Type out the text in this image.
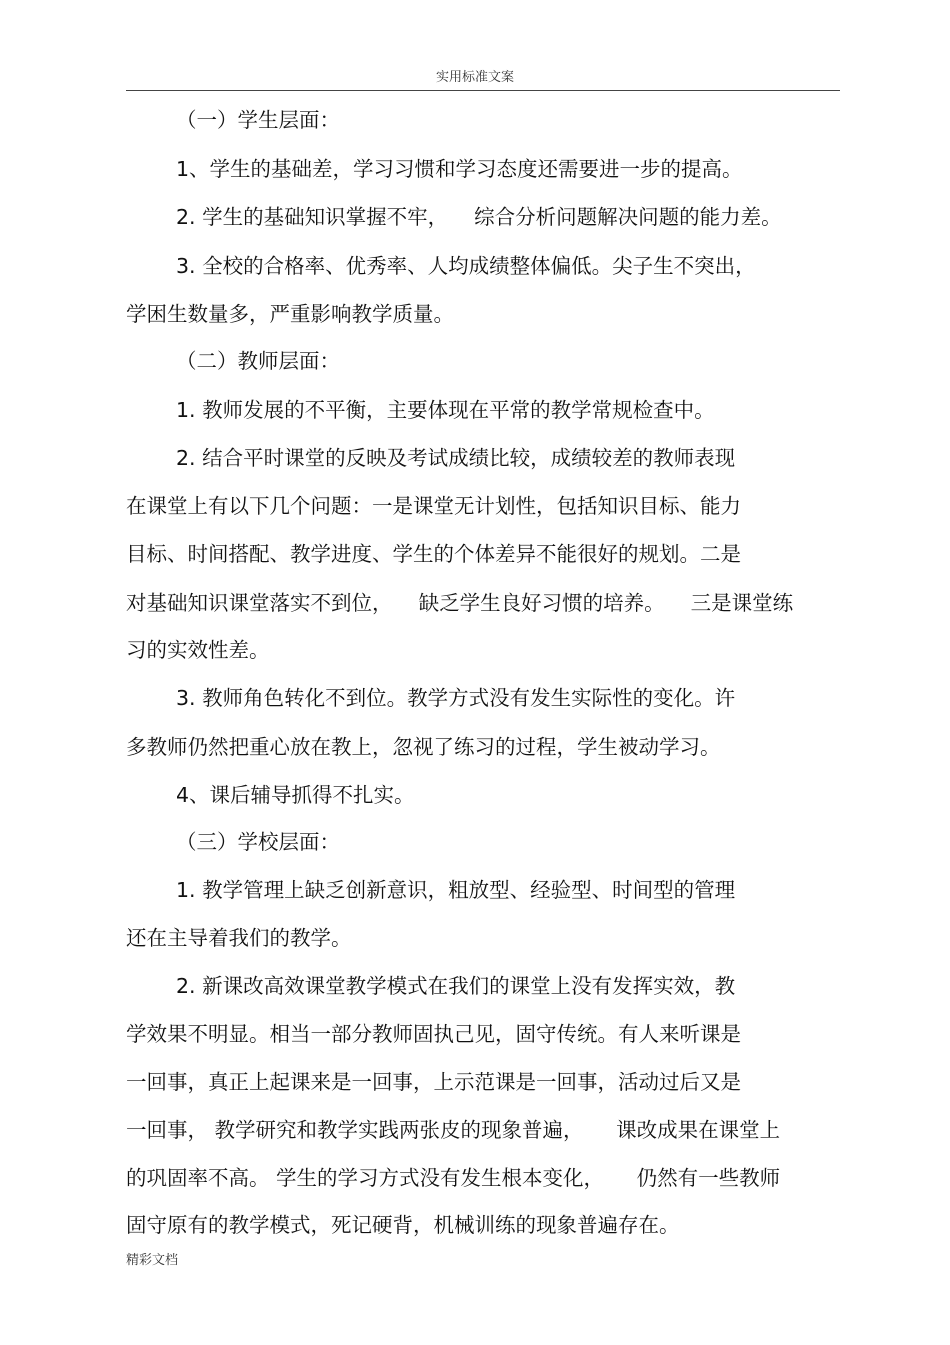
实用标准文案
（一）学生层面：
1、学生的基础差，学习习惯和学习态度还需要进一步的提高。
2. 学生的基础知识掌握不牢，    综合分析问题解决问题的能力差。
3. 全校的合格率、优秀率、人均成绩整体偏低。尖子生不突出，
学困生数量多，严重影响教学质量。
（二）教师层面：
1. 教师发展的不平衡，主要体现在平常的教学常规检查中。
2. 结合平时课堂的反映及考试成绩比较，成绩较差的教师表现
在课堂上有以下几个问题：一是课堂无计划性，包括知识目标、能力
目标、时间搭配、教学进度、学生的个体差异不能很好的规划。二是
对基础知识课堂落实不到位，    缺乏学生良好习惯的培养。    三是课堂练
习的实效性差。
3. 教师角色转化不到位。教学方式没有发生实际性的变化。许
多教师仍然把重心放在教上，忽视了练习的过程，学生被动学习。
4、课后辅导抓得不扎实。
（三）学校层面：
1. 教学管理上缺乏创新意识，粗放型、经验型、时间型的管理
还在主导着我们的教学。
2. 新课改高效课堂教学模式在我们的课堂上没有发挥实效，教
学效果不明显。相当一部分教师固执己见，固守传统。有人来听课是
一回事，真正上起课来是一回事，上示范课是一回事，活动过后又是
一回事， 教学研究和教学实践两张皮的现象普遍，     课改成果在课堂上
的巩固率不高。 学生的学习方式没有发生根本变化，     仍然有一些教师
固守原有的教学模式，死记硬背，机械训练的现象普遍存在。
精彩文档
